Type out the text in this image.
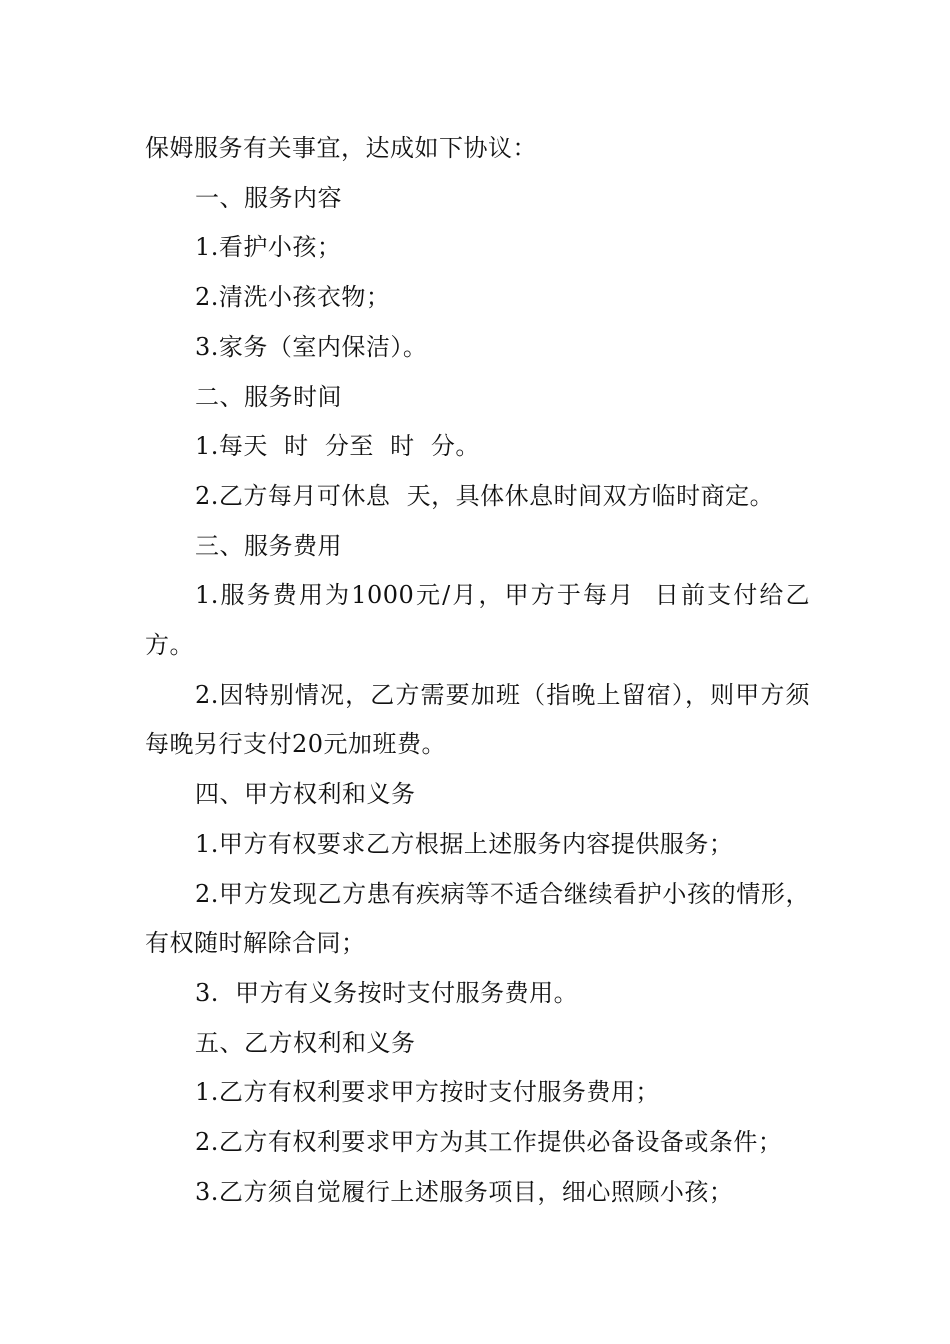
保姆服务有关事宜，达成如下协议：

一、服务内容

1.看护小孩；

2.清洗小孩衣物；

3.家务（室内保洁）。

二、服务时间

1.每天  时  分至  时  分。

2.乙方每月可休息  天，具体休息时间双方临时商定。

三、服务费用

1.服务费用为1000元/月，甲方于每月  日前支付给乙方。

2.因特别情况，乙方需要加班（指晚上留宿），则甲方须每晚另行支付20元加班费。

四、甲方权利和义务

1.甲方有权要求乙方根据上述服务内容提供服务；

2.甲方发现乙方患有疾病等不适合继续看护小孩的情形，有权随时解除合同；

3.  甲方有义务按时支付服务费用。

五、乙方权利和义务

1.乙方有权利要求甲方按时支付服务费用；

2.乙方有权利要求甲方为其工作提供必备设备或条件；

3.乙方须自觉履行上述服务项目，细心照顾小孩；
